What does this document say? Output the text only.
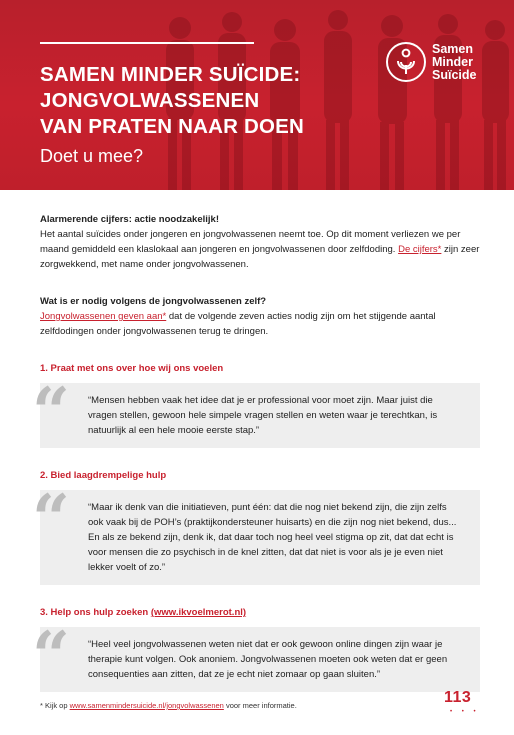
SAMEN MINDER SUÏCIDE:
JONGVOLWASSENEN
VAN PRATEN NAAR DOEN
Doet u mee?
Samen
Minder
Suïcide
Alarmerende cijfers: actie noodzakelijk!
Het aantal suïcides onder jongeren en jongvolwassenen neemt toe. Op dit moment verliezen we per maand gemiddeld een klaslokaal aan jongeren en jongvolwassenen door zelfdoding. De cijfers* zijn zeer zorgwekkend, met name onder jongvolwassenen.
Wat is er nodig volgens de jongvolwassenen zelf?
Jongvolwassenen geven aan* dat de volgende zeven acties nodig zijn om het stijgende aantal zelfdodingen onder jongvolwassenen terug te dringen.
1. Praat met ons over hoe wij ons voelen
“ “Mensen hebben vaak het idee dat je er professional voor moet zijn. Maar juist die vragen stellen, gewoon hele simpele vragen stellen en weten waar je terechtkan, is natuurlijk al een hele mooie eerste stap.”
2. Bied laagdrempelige hulp
“ “Maar ik denk van die initiatieven, punt één: dat die nog niet bekend zijn, die zijn zelfs ook vaak bij de POH’s (praktijkondersteuner huisarts) en die zijn nog niet bekend, dus... En als ze bekend zijn, denk ik, dat daar toch nog heel veel stigma op zit, dat dat echt is voor mensen die zo psychisch in de knel zitten, dat dat niet is voor als je je even niet lekker voelt of zo.”
3. Help ons hulp zoeken (www.ikvoelmerot.nl)
“ “Heel veel jongvolwassenen weten niet dat er ook gewoon online dingen zijn waar je therapie kunt volgen. Ook anoniem. Jongvolwassenen moeten ook weten dat er geen consequenties aan zitten, dat ze je echt niet zomaar op gaan sluiten.”
* Kijk op www.samenmindersuicide.nl/jongvolwassenen voor meer informatie.	113
• • •
